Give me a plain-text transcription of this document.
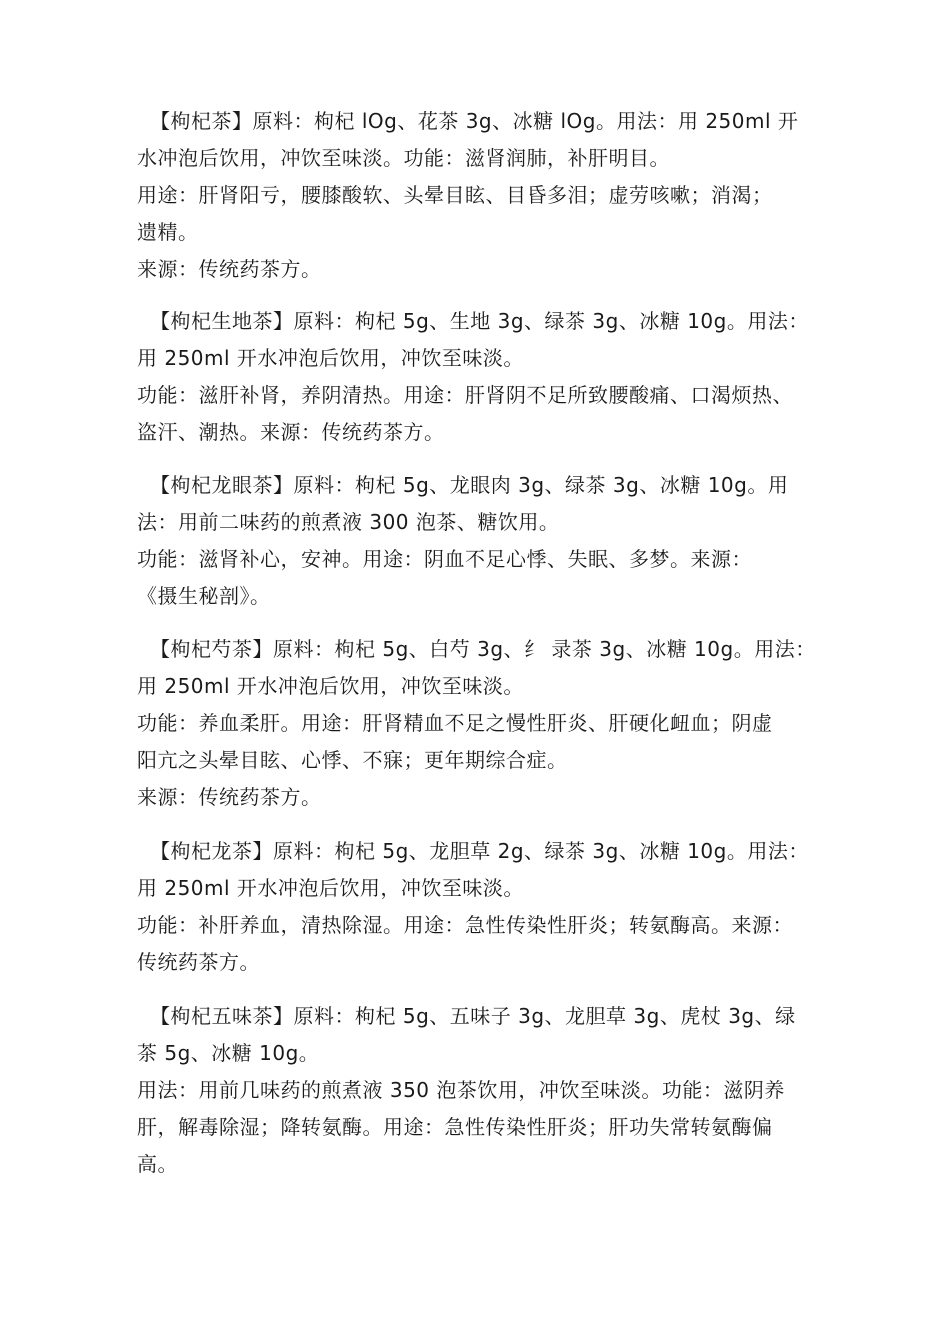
【枸杞茶】原料：枸杞 lOg、花茶 3g、冰糖 lOg。用法：用 250ml 开
水冲泡后饮用，冲饮至味淡。功能：滋肾润肺，补肝明目。
用途：肝肾阳亏，腰膝酸软、头晕目眩、目昏多泪；虚劳咳嗽；消渴；
遗精。
来源：传统药茶方。
【枸杞生地茶】原料：枸杞 5g、生地 3g、绿茶 3g、冰糖 10g。用法：
用 250ml 开水冲泡后饮用，冲饮至味淡。
功能：滋肝补肾，养阴清热。用途：肝肾阴不足所致腰酸痛、口渴烦热、
盗汗、潮热。来源：传统药茶方。
【枸杞龙眼茶】原料：枸杞 5g、龙眼肉 3g、绿茶 3g、冰糖 10g。用
法：用前二味药的煎煮液 300 泡茶、糖饮用。
功能：滋肾补心，安神。用途：阴血不足心悸、失眠、多梦。来源：
《摄生秘剖》。
【枸杞芍茶】原料：枸杞 5g、白芍 3g、纟 录茶 3g、冰糖 10g。用法：
用 250ml 开水冲泡后饮用，冲饮至味淡。
功能：养血柔肝。用途：肝肾精血不足之慢性肝炎、肝硬化衄血；阴虚
阳亢之头晕目眩、心悸、不寐；更年期综合症。
来源：传统药茶方。
【枸杞龙茶】原料：枸杞 5g、龙胆草 2g、绿茶 3g、冰糖 10g。用法：
用 250ml 开水冲泡后饮用，冲饮至味淡。
功能：补肝养血，清热除湿。用途：急性传染性肝炎；转氨酶高。来源：
传统药茶方。
【枸杞五味茶】原料：枸杞 5g、五味子 3g、龙胆草 3g、虎杖 3g、绿
茶 5g、冰糖 10g。
用法：用前几味药的煎煮液 350 泡茶饮用，冲饮至味淡。功能：滋阴养
肝，解毒除湿；降转氨酶。用途：急性传染性肝炎；肝功失常转氨酶偏
高。
